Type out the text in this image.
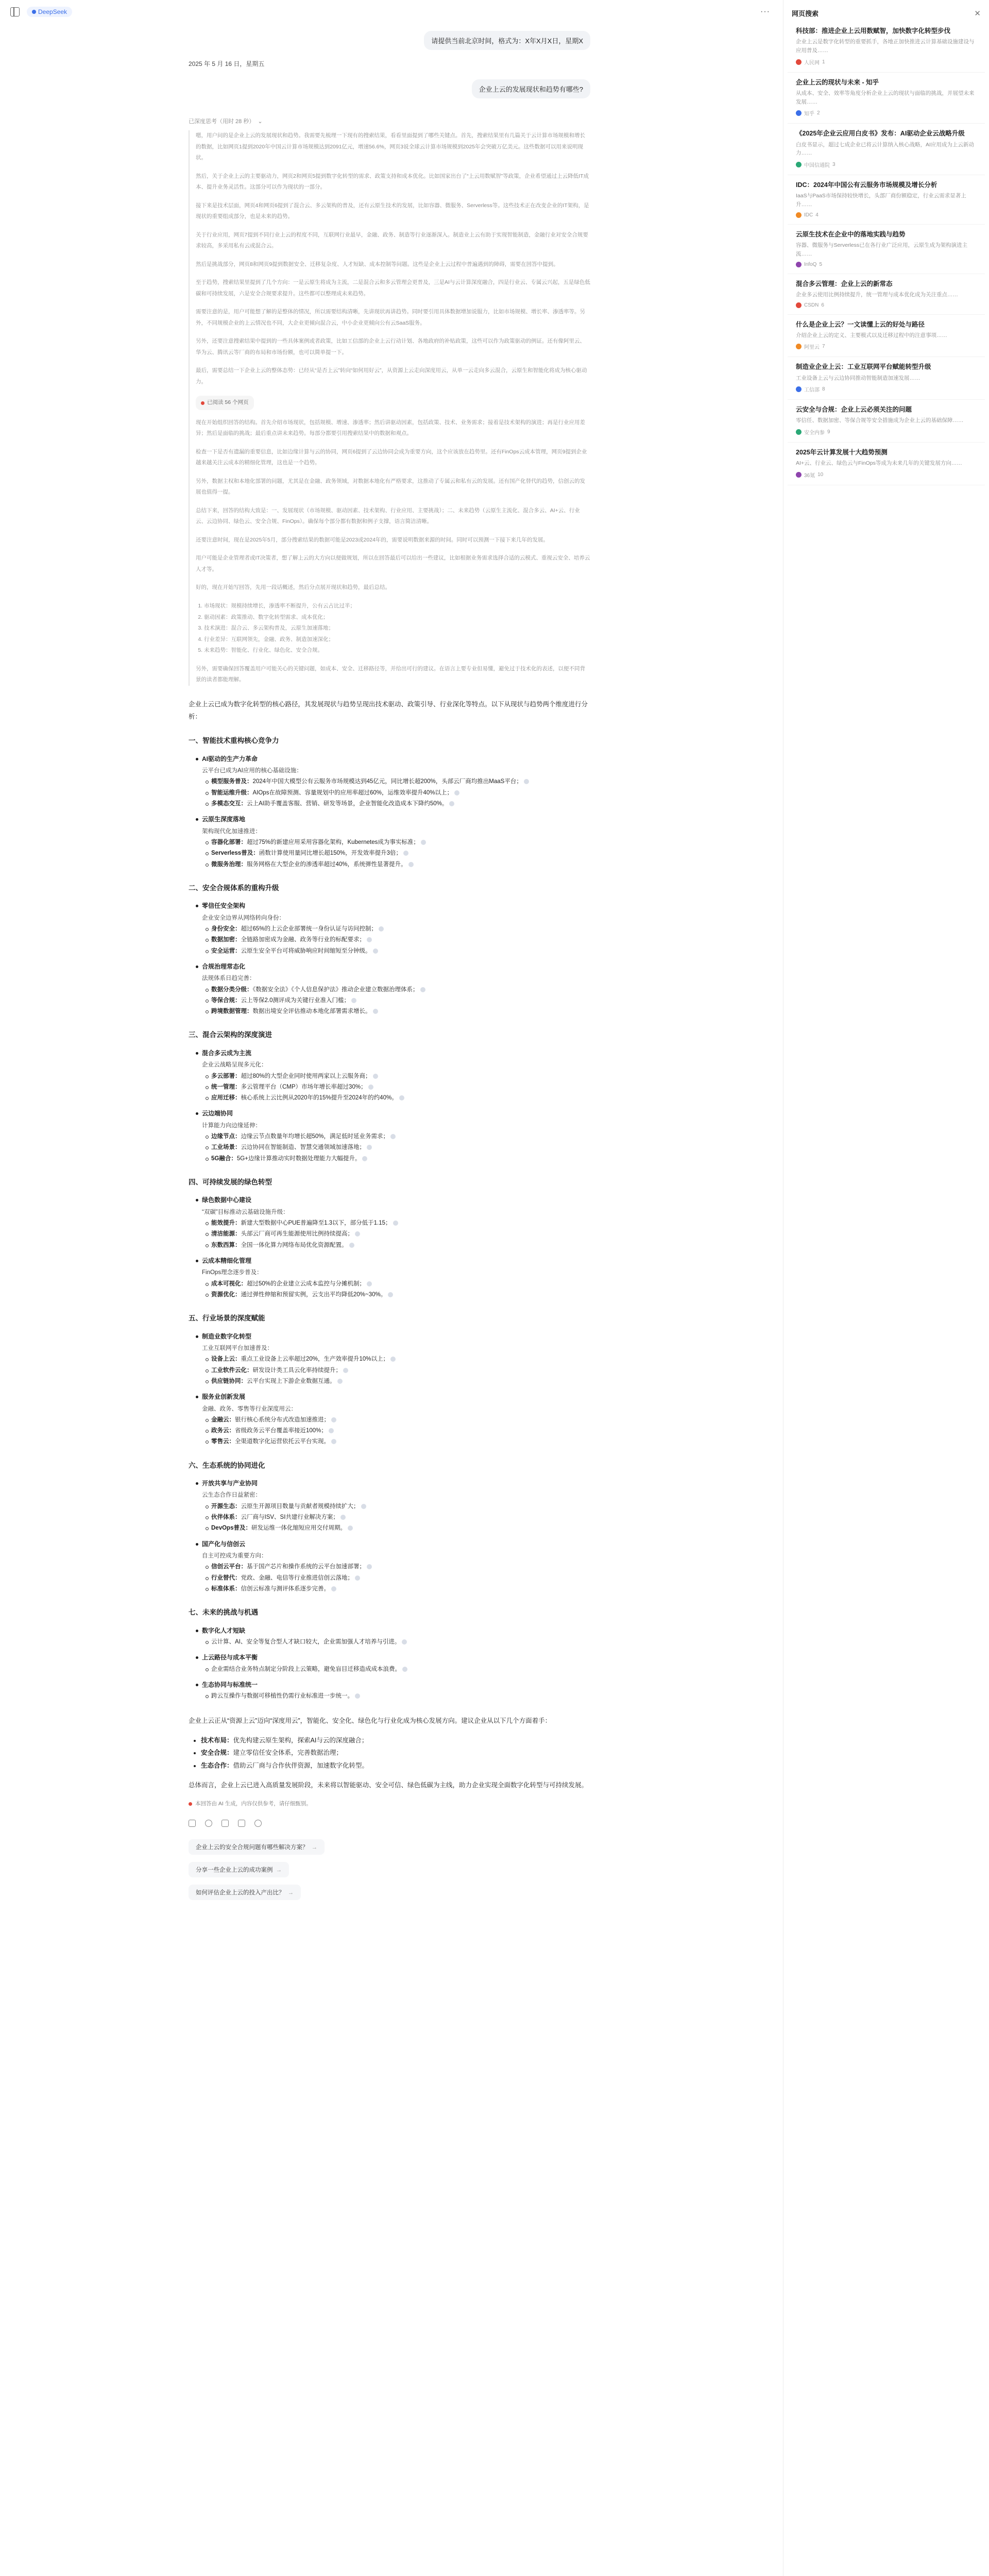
DeepSeek	···
请提供当前北京时间，格式为：X年X月X日，星期X
2025 年 5 月 16 日，星期五
企业上云的发展现状和趋势有哪些?
已深度思考（用时 28 秒） ⌄

嗯，用户问的是企业上云的发展现状和趋势。我需要先梳理一下现有的搜索结果，看看里面提到了哪些关键点。首先，搜索结果里有几篇关于云计算市场规模和增长的数据，比如网页1提到2020年中国云计算市场规模达到2091亿元，增速56.6%，网页3说全球云计算市场规模到2025年会突破万亿美元。这些数据可以用来说明现状。

然后，关于企业上云的主要驱动力，网页2和网页5提到数字化转型的需求、政策支持和成本优化。比如国家出台了“上云用数赋智”等政策，企业希望通过上云降低IT成本、提升业务灵活性。这部分可以作为现状的一部分。

接下来是技术层面，网页4和网页6提到了混合云、多云架构的普及，还有云原生技术的发展，比如容器、微服务、Serverless等。这些技术正在改变企业的IT架构，是现状的重要组成部分，也是未来的趋势。

关于行业应用，网页7提到不同行业上云的程度不同，互联网行业最早，金融、政务、制造等行业逐渐深入。制造业上云有助于实现智能制造，金融行业对安全合规要求较高，多采用私有云或混合云。

然后是挑战部分，网页8和网页9提到数据安全、迁移复杂度、人才短缺、成本控制等问题。这些是企业上云过程中普遍遇到的障碍，需要在回答中提到。

至于趋势，搜索结果里提到了几个方向：一是云原生将成为主流，二是混合云和多云管理会更普及，三是AI与云计算深度融合，四是行业云、专属云兴起，五是绿色低碳和可持续发展，六是安全合规要求提升。这些都可以整理成未来趋势。

需要注意的是，用户可能想了解的是整体的情况，所以需要结构清晰，先讲现状再讲趋势。同时要引用具体数据增加说服力，比如市场规模、增长率、渗透率等。另外，不同规模企业的上云情况也不同，大企业更倾向混合云，中小企业更倾向公有云SaaS服务。

另外，还要注意搜索结果中提到的一些具体案例或者政策，比如工信部的企业上云行动计划、各地政府的补贴政策，这些可以作为政策驱动的例证。还有像阿里云、华为云、腾讯云等厂商的布局和市场份额，也可以简单提一下。

最后，需要总结一下企业上云的整体态势：已经从“是否上云”转向“如何用好云”，从资源上云走向深度用云，从单一云走向多云混合，云原生和智能化将成为核心驱动力。

已阅读 56 个网页

现在开始组织回答的结构。首先介绍市场现状，包括规模、增速、渗透率；然后讲驱动因素，包括政策、技术、业务需求；接着是技术架构的演进；再是行业应用差异；然后是面临的挑战；最后重点讲未来趋势。每部分都要引用搜索结果中的数据和观点。

检查一下是否有遗漏的重要信息，比如边缘计算与云的协同，网页6提到了云边协同会成为重要方向，这个应该放在趋势里。还有FinOps云成本管理，网页9提到企业越来越关注云成本的精细化管理，这也是一个趋势。

另外，数据主权和本地化部署的问题，尤其是在金融、政务领域，对数据本地化有严格要求，这推动了专属云和私有云的发展。还有国产化替代的趋势，信创云的发展也值得一提。

总结下来，回答的结构大致是：一、发展现状（市场规模、驱动因素、技术架构、行业应用、主要挑战）；二、未来趋势（云原生主流化、混合多云、AI+云、行业云、云边协同、绿色云、安全合规、FinOps）。确保每个部分都有数据和例子支撑，语言简洁清晰。

还要注意时间，现在是2025年5月，部分搜索结果的数据可能是2023或2024年的，需要说明数据来源的时间。同时可以预测一下接下来几年的发展。

用户可能是企业管理者或IT决策者，想了解上云的大方向以便做规划，所以在回答最后可以给出一些建议，比如根据业务需求选择合适的云模式、重视云安全、培养云人才等。

好的，现在开始写回答，先用一段话概述，然后分点展开现状和趋势，最后总结。

1. 市场现状：规模持续增长，渗透率不断提升，公有云占比过半；
2. 驱动因素：政策推动、数字化转型需求、成本优化；
3. 技术演进：混合云、多云架构普及，云原生加速落地；
4. 行业差异：互联网领先，金融、政务、制造加速深化；
5. 未来趋势：智能化、行业化、绿色化、安全合规。

另外，需要确保回答覆盖用户可能关心的关键问题，如成本、安全、迁移路径等，并给出可行的建议。在语言上要专业但易懂，避免过于技术化的表述，以便不同背景的读者都能理解。

企业上云已成为数字化转型的核心路径，其发展现状与趋势呈现出技术驱动、政策引导、行业深化等特点。以下从现状与趋势两个维度进行分析：

一、智能技术重构核心竞争力
AI驱动的生产力革命
云平台已成为AI应用的核心基础设施：
模型服务普及：2024年中国大模型公有云服务市场规模达到45亿元，同比增长超200%，头部云厂商均推出MaaS平台；
智能运维升级：AIOps在故障预测、容量规划中的应用率超过60%，运维效率提升40%以上；
多模态交互：云上AI助手覆盖客服、营销、研发等场景，企业智能化改造成本下降约50%。
云原生深度落地
架构现代化加速推进：
容器化部署：超过75%的新建应用采用容器化架构，Kubernetes成为事实标准；
Serverless普及：函数计算使用量同比增长超150%，开发效率提升3倍；
微服务治理：服务网格在大型企业的渗透率超过40%，系统弹性显著提升。
二、安全合规体系的重构升级
零信任安全架构
企业安全边界从网络转向身份：
身份安全：超过65%的上云企业部署统一身份认证与访问控制；
数据加密：全链路加密成为金融、政务等行业的标配要求；
安全运营：云原生安全平台可将威胁响应时间缩短至分钟级。
合规治理常态化
法规体系日趋完善：
数据分类分级：《数据安全法》《个人信息保护法》推动企业建立数据治理体系；
等保合规：云上等保2.0测评成为关键行业准入门槛；
跨境数据管理：数据出境安全评估推动本地化部署需求增长。
三、混合云架构的深度演进
混合多云成为主流
企业云战略呈现多元化：
多云部署：超过80%的大型企业同时使用两家以上云服务商；
统一管理：多云管理平台（CMP）市场年增长率超过30%；
应用迁移：核心系统上云比例从2020年的15%提升至2024年的约40%。
云边端协同
计算能力向边缘延伸：
边缘节点：边缘云节点数量年均增长超50%，满足低时延业务需求；
工业场景：云边协同在智能制造、智慧交通领域加速落地；
5G融合：5G+边缘计算推动实时数据处理能力大幅提升。
四、可持续发展的绿色转型
绿色数据中心建设
“双碳”目标推动云基础设施升级：
能效提升：新建大型数据中心PUE普遍降至1.3以下，部分低于1.15；
清洁能源：头部云厂商可再生能源使用比例持续提高；
东数西算：全国一体化算力网络布局优化资源配置。
云成本精细化管理
FinOps理念逐步普及：
成本可视化：超过50%的企业建立云成本监控与分摊机制；
资源优化：通过弹性伸缩和预留实例，云支出平均降低20%~30%。
五、行业场景的深度赋能
制造业数字化转型
工业互联网平台加速普及：
设备上云：重点工业设备上云率超过20%，生产效率提升10%以上；
工业软件云化：研发设计类工具云化率持续提升；
供应链协同：云平台实现上下游企业数据互通。
服务业创新发展
金融、政务、零售等行业深度用云：
金融云：银行核心系统分布式改造加速推进；
政务云：省级政务云平台覆盖率接近100%；
零售云：全渠道数字化运营依托云平台实现。
六、生态系统的协同进化
开放共享与产业协同
云生态合作日益紧密：
开源生态：云原生开源项目数量与贡献者规模持续扩大；
伙伴体系：云厂商与ISV、SI共建行业解决方案；
DevOps普及：研发运维一体化缩短应用交付周期。
国产化与信创云
自主可控成为重要方向：
信创云平台：基于国产芯片和操作系统的云平台加速部署；
行业替代：党政、金融、电信等行业推进信创云落地；
标准体系：信创云标准与测评体系逐步完善。
七、未来的挑战与机遇
数字化人才短缺
云计算、AI、安全等复合型人才缺口较大，企业需加强人才培养与引进。
上云路径与成本平衡
企业需结合业务特点制定分阶段上云策略，避免盲目迁移造成成本浪费。
生态协同与标准统一
跨云互操作与数据可移植性仍需行业标准进一步统一。

企业上云正从“资源上云”迈向“深度用云”，智能化、安全化、绿色化与行业化成为核心发展方向。建议企业从以下几个方面着手：

• 技术布局：优先构建云原生架构，探索AI与云的深度融合；
• 安全合规：建立零信任安全体系，完善数据治理；
• 生态合作：借助云厂商与合作伙伴资源，加速数字化转型。

总体而言，企业上云已进入高质量发展阶段，未来将以智能驱动、安全可信、绿色低碳为主线，助力企业实现全面数字化转型与可持续发展。

本回答由 AI 生成，内容仅供参考，请仔细甄别。
企业上云的安全合规问题有哪些解决方案？ →
分享一些企业上云的成功案例 →
如何评估企业上云的投入产出比？ →
网页搜索	✕
科技部：推进企业上云用数赋智，加快数字化转型步伐
企业上云是数字化转型的重要抓手，各地正加快推进云计算基础设施建设与应用普及……
人民网 1
企业上云的现状与未来 - 知乎
从成本、安全、效率等角度分析企业上云的现状与面临的挑战，并展望未来发展……
知乎 2
《2025年企业云应用白皮书》发布：AI驱动企业云战略升级
白皮书显示，超过七成企业已将云计算纳入核心战略，AI应用成为上云新动力……
中国信通院 3
IDC：2024年中国公有云服务市场规模及增长分析
IaaS与PaaS市场保持较快增长，头部厂商份额稳定，行业云需求显著上升……
IDC 4
云原生技术在企业中的落地实践与趋势
容器、微服务与Serverless已在各行业广泛应用，云原生成为架构演进主流……
InfoQ 5
混合多云管理：企业上云的新常态
企业多云使用比例持续提升，统一管理与成本优化成为关注重点……
CSDN 6
什么是企业上云？一文读懂上云的好处与路径
介绍企业上云的定义、主要模式以及迁移过程中的注意事项……
阿里云 7
制造业企业上云：工业互联网平台赋能转型升级
工业设备上云与云边协同推动智能制造加速发展……
工信部 8
云安全与合规：企业上云必须关注的问题
零信任、数据加密、等保合规等安全措施成为企业上云的基础保障……
安全内参 9
2025年云计算发展十大趋势预测
AI+云、行业云、绿色云与FinOps等成为未来几年的关键发展方向……
36氪 10
